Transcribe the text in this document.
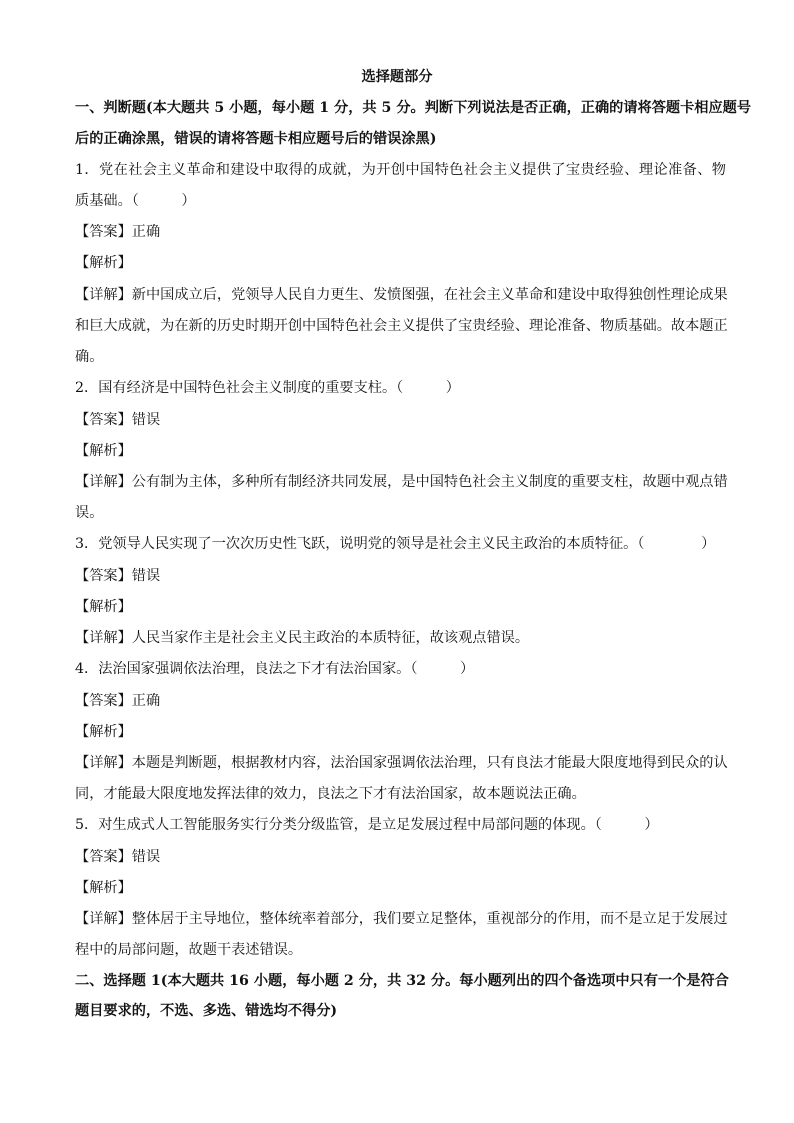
选择题部分
一、判断题(本大题共 5 小题，每小题 1 分，共 5 分。判断下列说法是否正确，正确的请将答题卡相应题号
后的正确涂黑，错误的请将答题卡相应题号后的错误涂黑)
1．党在社会主义革命和建设中取得的成就，为开创中国特色社会主义提供了宝贵经验、理论准备、物
质基础。（　　　）
【答案】正确
【解析】
【详解】新中国成立后，党领导人民自力更生、发愤图强，在社会主义革命和建设中取得独创性理论成果
和巨大成就，为在新的历史时期开创中国特色社会主义提供了宝贵经验、理论准备、物质基础。故本题正
确。
2．国有经济是中国特色社会主义制度的重要支柱。（　　　）
【答案】错误
【解析】
【详解】公有制为主体，多种所有制经济共同发展，是中国特色社会主义制度的重要支柱，故题中观点错
误。
3．党领导人民实现了一次次历史性飞跃，说明党的领导是社会主义民主政治的本质特征。（　　　　）
【答案】错误
【解析】
【详解】人民当家作主是社会主义民主政治的本质特征，故该观点错误。
4．法治国家强调依法治理，良法之下才有法治国家。（　　　）
【答案】正确
【解析】
【详解】本题是判断题，根据教材内容，法治国家强调依法治理，只有良法才能最大限度地得到民众的认
同，才能最大限度地发挥法律的效力，良法之下才有法治国家，故本题说法正确。
5．对生成式人工智能服务实行分类分级监管，是立足发展过程中局部问题的体现。（　　　）
【答案】错误
【解析】
【详解】整体居于主导地位，整体统率着部分，我们要立足整体，重视部分的作用，而不是立足于发展过
程中的局部问题，故题干表述错误。
二、选择题 1(本大题共 16 小题，每小题 2 分，共 32 分。每小题列出的四个备选项中只有一个是符合
题目要求的，不选、多选、错选均不得分)
